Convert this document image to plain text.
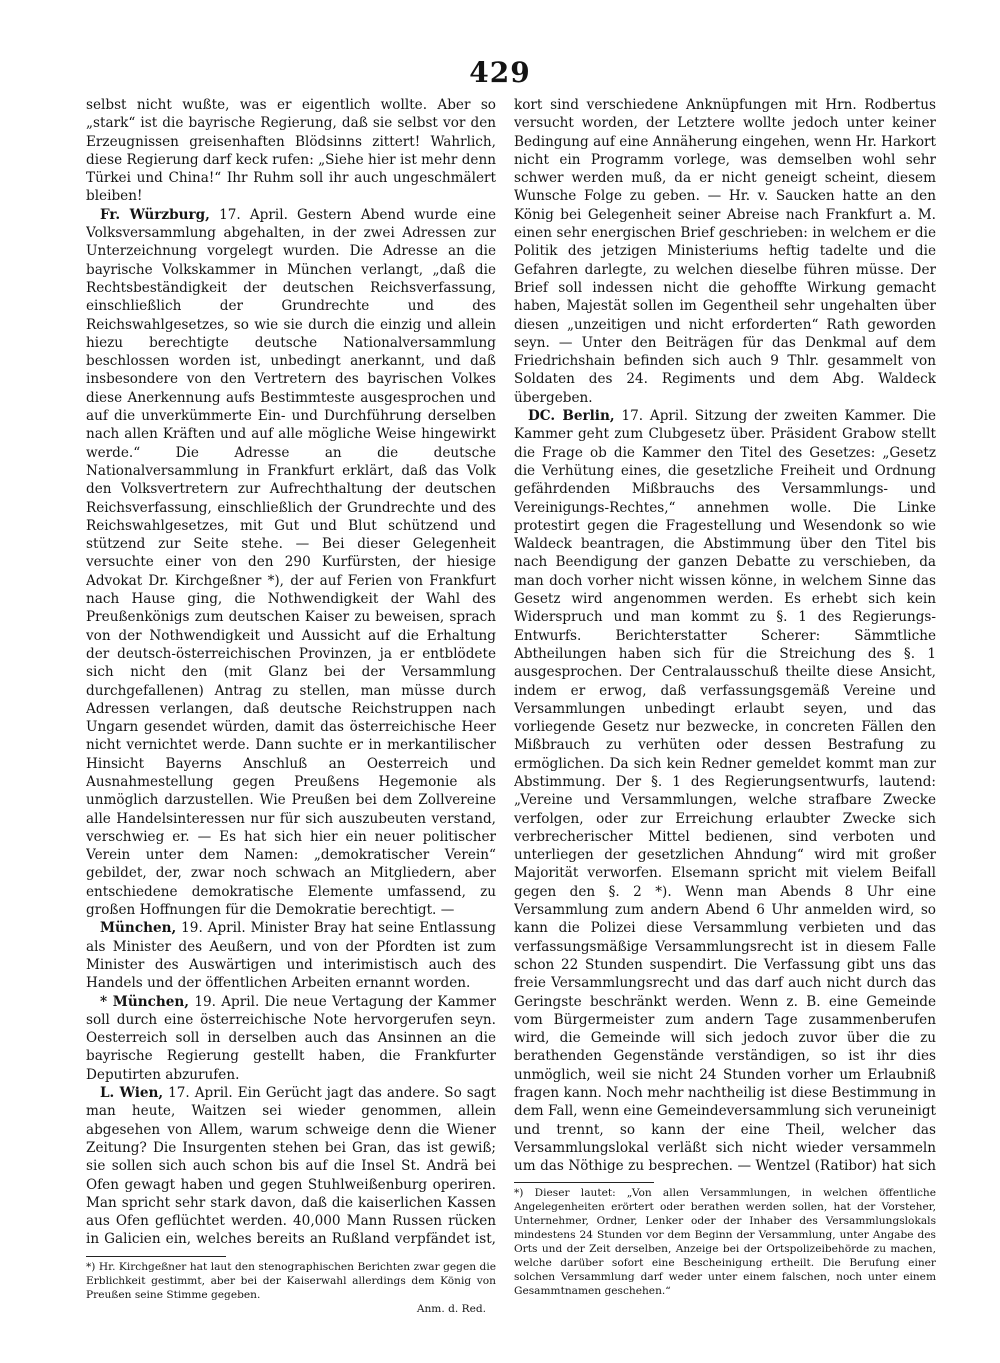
429

selbst nicht wußte, was er eigentlich wollte. Aber so „stark“ ist die bayrische Regierung, daß sie selbst vor den Erzeugnissen greisenhaften Blödsinns zittert! Wahrlich, diese Regierung darf keck rufen: „Siehe hier ist mehr denn Türkei und China!“ Ihr Ruhm soll ihr auch ungeschmälert bleiben!

Fr. Würzburg, 17. April. Gestern Abend wurde eine Volksversammlung abgehalten, in der zwei Adressen zur Unterzeichnung vorgelegt wurden. Die Adresse an die bayrische Volkskammer in München verlangt, „daß die Rechtsbeständigkeit der deutschen Reichsverfassung, einschließlich der Grundrechte und des Reichswahlgesetzes, so wie sie durch die einzig und allein hiezu berechtigte deutsche Nationalversammlung beschlossen worden ist, unbedingt anerkannt, und daß insbesondere von den Vertretern des bayrischen Volkes diese Anerkennung aufs Bestimmteste ausgesprochen und auf die unverkümmerte Ein- und Durchführung derselben nach allen Kräften und auf alle mögliche Weise hingewirkt werde.“ Die Adresse an die deutsche Nationalversammlung in Frankfurt erklärt, daß das Volk den Volksvertretern zur Aufrechthaltung der deutschen Reichsverfassung, einschließlich der Grundrechte und des Reichswahlgesetzes, mit Gut und Blut schützend und stützend zur Seite stehe. — Bei dieser Gelegenheit versuchte einer von den 290 Kurfürsten, der hiesige Advokat Dr. Kirchgeßner *), der auf Ferien von Frankfurt nach Hause ging, die Nothwendigkeit der Wahl des Preußenkönigs zum deutschen Kaiser zu beweisen, sprach von der Nothwendigkeit und Aussicht auf die Erhaltung der deutsch-österreichischen Provinzen, ja er entblödete sich nicht den (mit Glanz bei der Versammlung durchgefallenen) Antrag zu stellen, man müsse durch Adressen verlangen, daß deutsche Reichstruppen nach Ungarn gesendet würden, damit das österreichische Heer nicht vernichtet werde. Dann suchte er in merkantilischer Hinsicht Bayerns Anschluß an Oesterreich und Ausnahmestellung gegen Preußens Hegemonie als unmöglich darzustellen. Wie Preußen bei dem Zollvereine alle Handelsinteressen nur für sich auszubeuten verstand, verschwieg er. — Es hat sich hier ein neuer politischer Verein unter dem Namen: „demokratischer Verein“ gebildet, der, zwar noch schwach an Mitgliedern, aber entschiedene demokratische Elemente umfassend, zu großen Hoffnungen für die Demokratie berechtigt. —

München, 19. April. Minister Bray hat seine Entlassung als Minister des Aeußern, und von der Pfordten ist zum Minister des Auswärtigen und interimistisch auch des Handels und der öffentlichen Arbeiten ernannt worden.

* München, 19. April. Die neue Vertagung der Kammer soll durch eine österreichische Note hervorgerufen seyn. Oesterreich soll in derselben auch das Ansinnen an die bayrische Regierung gestellt haben, die Frankfurter Deputirten abzurufen.

L. Wien, 17. April. Ein Gerücht jagt das andere. So sagt man heute, Waitzen sei wieder genommen, allein abgesehen von Allem, warum schweige denn die Wiener Zeitung? Die Insurgenten stehen bei Gran, das ist gewiß; sie sollen sich auch schon bis auf die Insel St. Andrä bei Ofen gewagt haben und gegen Stuhlweißenburg operiren. Man spricht sehr stark davon, daß die kaiserlichen Kassen aus Ofen geflüchtet werden. 40,000 Mann Russen rücken in Galicien ein, welches bereits an Rußland verpfändet ist,

kort sind verschiedene Anknüpfungen mit Hrn. Rodbertus versucht worden, der Letztere wollte jedoch unter keiner Bedingung auf eine Annäherung eingehen, wenn Hr. Harkort nicht ein Programm vorlege, was demselben wohl sehr schwer werden muß, da er nicht geneigt scheint, diesem Wunsche Folge zu geben. — Hr. v. Saucken hatte an den König bei Gelegenheit seiner Abreise nach Frankfurt a. M. einen sehr energischen Brief geschrieben: in welchem er die Politik des jetzigen Ministeriums heftig tadelte und die Gefahren darlegte, zu welchen dieselbe führen müsse. Der Brief soll indessen nicht die gehoffte Wirkung gemacht haben, Majestät sollen im Gegentheil sehr ungehalten über diesen „unzeitigen und nicht erforderten“ Rath geworden seyn. — Unter den Beiträgen für das Denkmal auf dem Friedrichshain befinden sich auch 9 Thlr. gesammelt von Soldaten des 24. Regiments und dem Abg. Waldeck übergeben.

DC. Berlin, 17. April. Sitzung der zweiten Kammer. Die Kammer geht zum Clubgesetz über. Präsident Grabow stellt die Frage ob die Kammer den Titel des Gesetzes: „Gesetz die Verhütung eines, die gesetzliche Freiheit und Ordnung gefährdenden Mißbrauchs des Versammlungs- und Vereinigungs-Rechtes,“ annehmen wolle. Die Linke protestirt gegen die Fragestellung und Wesendonk so wie Waldeck beantragen, die Abstimmung über den Titel bis nach Beendigung der ganzen Debatte zu verschieben, da man doch vorher nicht wissen könne, in welchem Sinne das Gesetz wird angenommen werden. Es erhebt sich kein Widerspruch und man kommt zu §. 1 des Regierungs-Entwurfs. Berichterstatter Scherer: Sämmtliche Abtheilungen haben sich für die Streichung des §. 1 ausgesprochen. Der Centralausschuß theilte diese Ansicht, indem er erwog, daß verfassungsgemäß Vereine und Versammlungen unbedingt erlaubt seyen, und das vorliegende Gesetz nur bezwecke, in concreten Fällen den Mißbrauch zu verhüten oder dessen Bestrafung zu ermöglichen. Da sich kein Redner gemeldet kommt man zur Abstimmung. Der §. 1 des Regierungsentwurfs, lautend: „Vereine und Versammlungen, welche strafbare Zwecke verfolgen, oder zur Erreichung erlaubter Zwecke sich verbrecherischer Mittel bedienen, sind verboten und unterliegen der gesetzlichen Ahndung“ wird mit großer Majorität verworfen. Elsemann spricht mit vielem Beifall gegen den §. 2 *). Wenn man Abends 8 Uhr eine Versammlung zum andern Abend 6 Uhr anmelden wird, so kann die Polizei diese Versammlung verbieten und das verfassungsmäßige Versammlungsrecht ist in diesem Falle schon 22 Stunden suspendirt. Die Verfassung gibt uns das freie Versammlungsrecht und das darf auch nicht durch das Geringste beschränkt werden. Wenn z. B. eine Gemeinde vom Bürgermeister zum andern Tage zusammenberufen wird, die Gemeinde will sich jedoch zuvor über die zu berathenden Gegenstände verständigen, so ist ihr dies unmöglich, weil sie nicht 24 Stunden vorher um Erlaubniß fragen kann. Noch mehr nachtheilig ist diese Bestimmung in dem Fall, wenn eine Gemeindeversammlung sich veruneinigt und trennt, so kann der eine Theil, welcher das Versammlungslokal verläßt sich nicht wieder versammeln um das Nöthige zu besprechen. — Wentzel (Ratibor) hat sich

*) Hr. Kirchgeßner hat laut den stenographischen Berichten zwar gegen die Erblichkeit gestimmt, aber bei der Kaiserwahl allerdings dem König von Preußen seine Stimme gegeben.
Anm. d. Red.
*) Dieser lautet: „Von allen Versammlungen, in welchen öffentliche Angelegenheiten erörtert oder berathen werden sollen, hat der Vorsteher, Unternehmer, Ordner, Lenker oder der Inhaber des Versammlungslokals mindestens 24 Stunden vor dem Beginn der Versammlung, unter Angabe des Orts und der Zeit derselben, Anzeige bei der Ortspolizeibehörde zu machen, welche darüber sofort eine Bescheinigung ertheilt. Die Berufung einer solchen Versammlung darf weder unter einem falschen, noch unter einem Gesammtnamen geschehen.“
